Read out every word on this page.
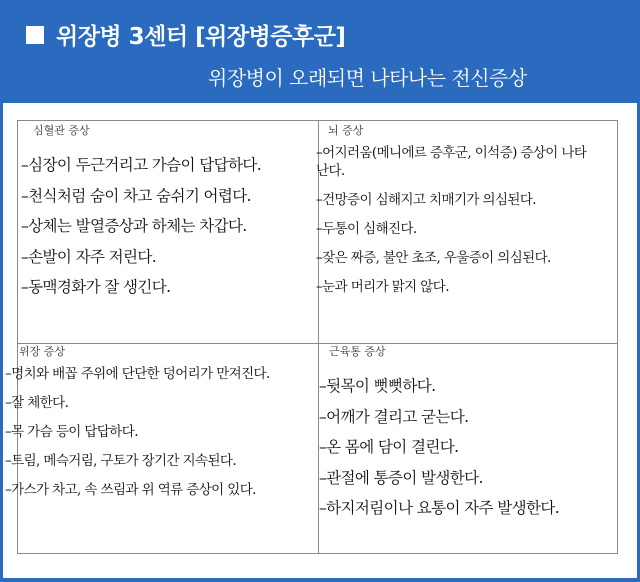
위장병 3센터 [위장병증후군]
위장병이 오래되면 나타나는 전신증상
심혈관 증상
–심장이 두근거리고 가슴이 답답하다.
–천식처럼 숨이 차고 숨쉬기 어렵다.
–상체는 발열증상과 하체는 차갑다.
–손발이 자주 저린다.
–동맥경화가 잘 생긴다.
뇌 증상
–어지러움(메니에르 증후군, 이석증) 증상이 나타난다.
–건망증이 심해지고 치매기가 의심된다.
–두통이 심해진다.
–잦은 짜증, 불안 초조, 우울증이 의심된다.
–눈과 머리가 맑지 않다.
위장 증상
–명치와 배꼽 주위에 단단한 덩어리가 만져진다.
–잘 체한다.
–목 가슴 등이 답답하다.
–트림, 메슥거림, 구토가 장기간 지속된다.
–가스가 차고, 속 쓰림과 위 역류 증상이 있다.
근육통 증상
–뒷목이 뻣뻣하다.
–어깨가 결리고 굳는다.
–온 몸에 담이 결린다.
–관절에 통증이 발생한다.
–하지저림이나 요통이 자주 발생한다.
